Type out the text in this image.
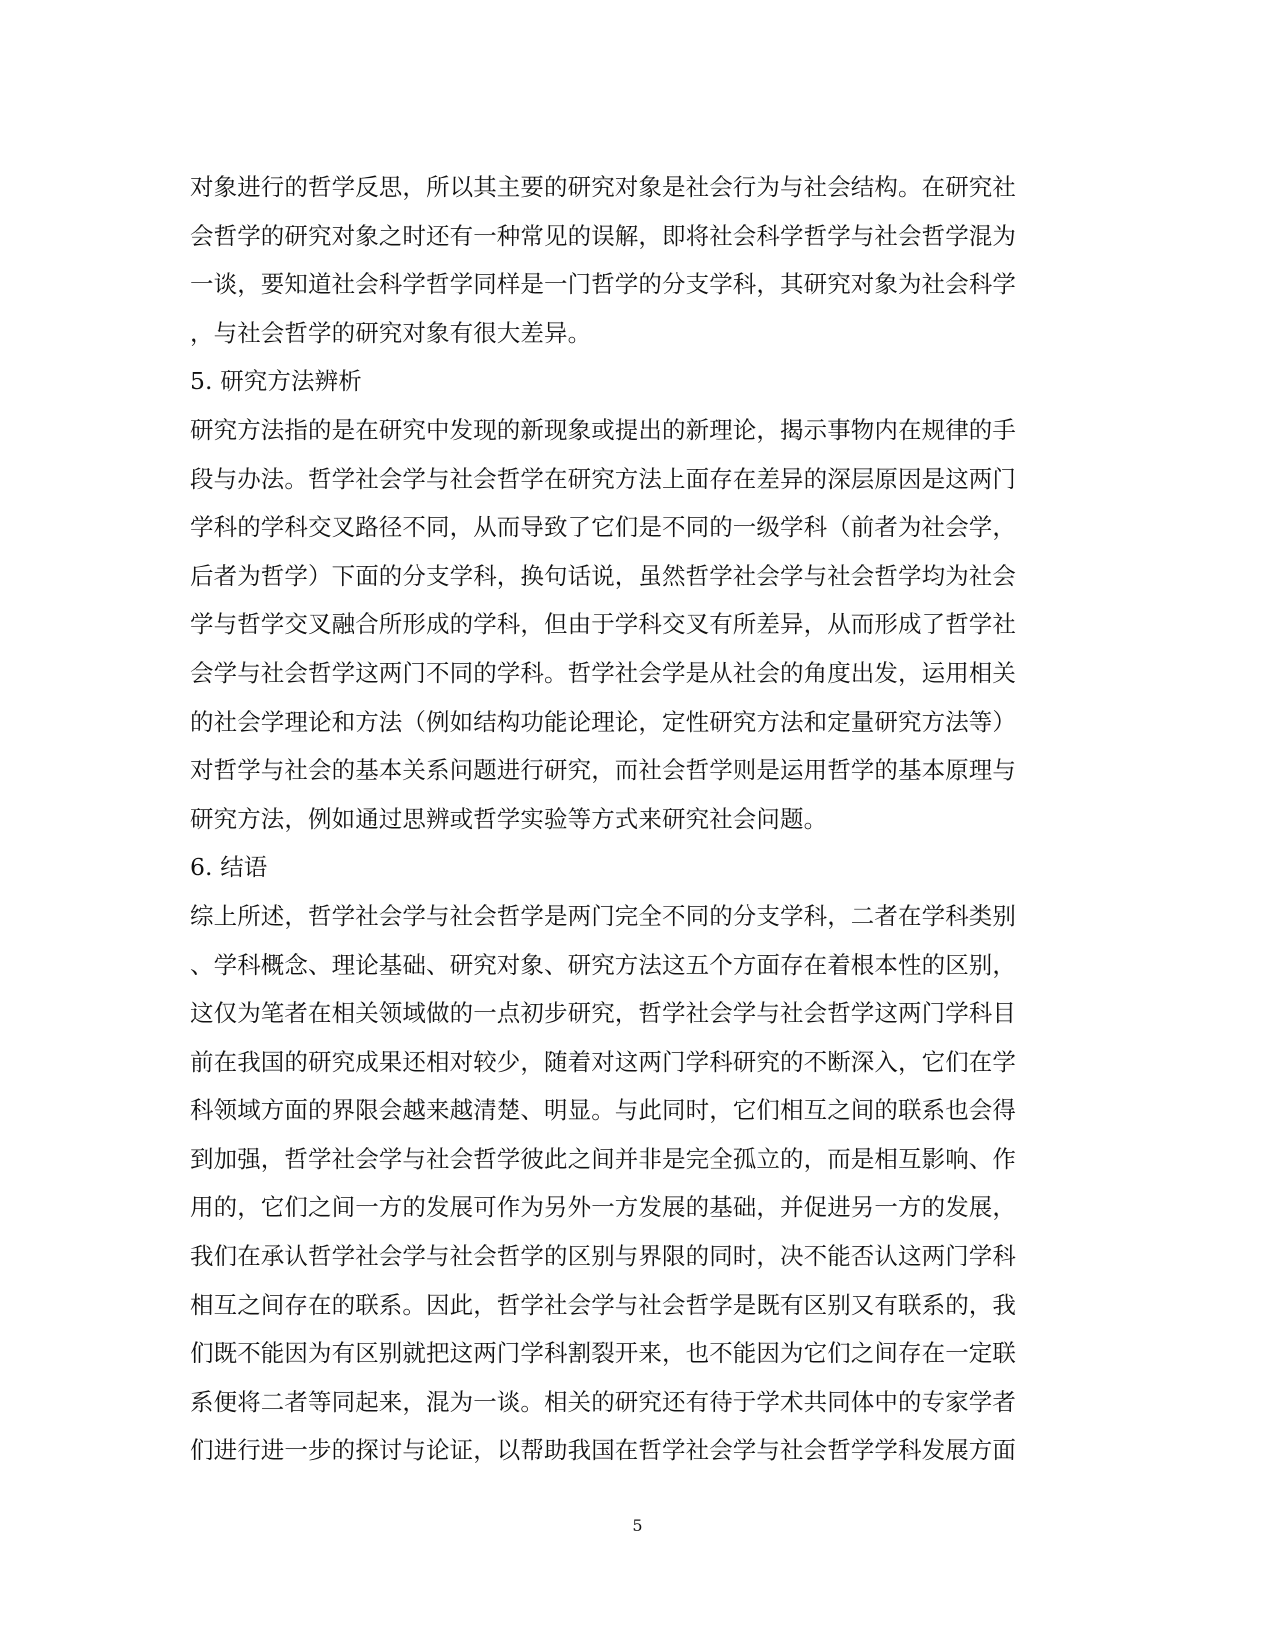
对象进行的哲学反思，所以其主要的研究对象是社会行为与社会结构。在研究社
会哲学的研究对象之时还有一种常见的误解，即将社会科学哲学与社会哲学混为
一谈，要知道社会科学哲学同样是一门哲学的分支学科，其研究对象为社会科学
，与社会哲学的研究对象有很大差异。
5. 研究方法辨析
研究方法指的是在研究中发现的新现象或提出的新理论，揭示事物内在规律的手
段与办法。哲学社会学与社会哲学在研究方法上面存在差异的深层原因是这两门
学科的学科交叉路径不同，从而导致了它们是不同的一级学科（前者为社会学，
后者为哲学）下面的分支学科，换句话说，虽然哲学社会学与社会哲学均为社会
学与哲学交叉融合所形成的学科，但由于学科交叉有所差异，从而形成了哲学社
会学与社会哲学这两门不同的学科。哲学社会学是从社会的角度出发，运用相关
的社会学理论和方法（例如结构功能论理论，定性研究方法和定量研究方法等）
对哲学与社会的基本关系问题进行研究，而社会哲学则是运用哲学的基本原理与
研究方法，例如通过思辨或哲学实验等方式来研究社会问题。
6. 结语
综上所述，哲学社会学与社会哲学是两门完全不同的分支学科，二者在学科类别
、学科概念、理论基础、研究对象、研究方法这五个方面存在着根本性的区别，
这仅为笔者在相关领域做的一点初步研究，哲学社会学与社会哲学这两门学科目
前在我国的研究成果还相对较少，随着对这两门学科研究的不断深入，它们在学
科领域方面的界限会越来越清楚、明显。与此同时，它们相互之间的联系也会得
到加强，哲学社会学与社会哲学彼此之间并非是完全孤立的，而是相互影响、作
用的，它们之间一方的发展可作为另外一方发展的基础，并促进另一方的发展，
我们在承认哲学社会学与社会哲学的区别与界限的同时，决不能否认这两门学科
相互之间存在的联系。因此，哲学社会学与社会哲学是既有区别又有联系的，我
们既不能因为有区别就把这两门学科割裂开来，也不能因为它们之间存在一定联
系便将二者等同起来，混为一谈。相关的研究还有待于学术共同体中的专家学者
们进行进一步的探讨与论证，以帮助我国在哲学社会学与社会哲学学科发展方面
5
